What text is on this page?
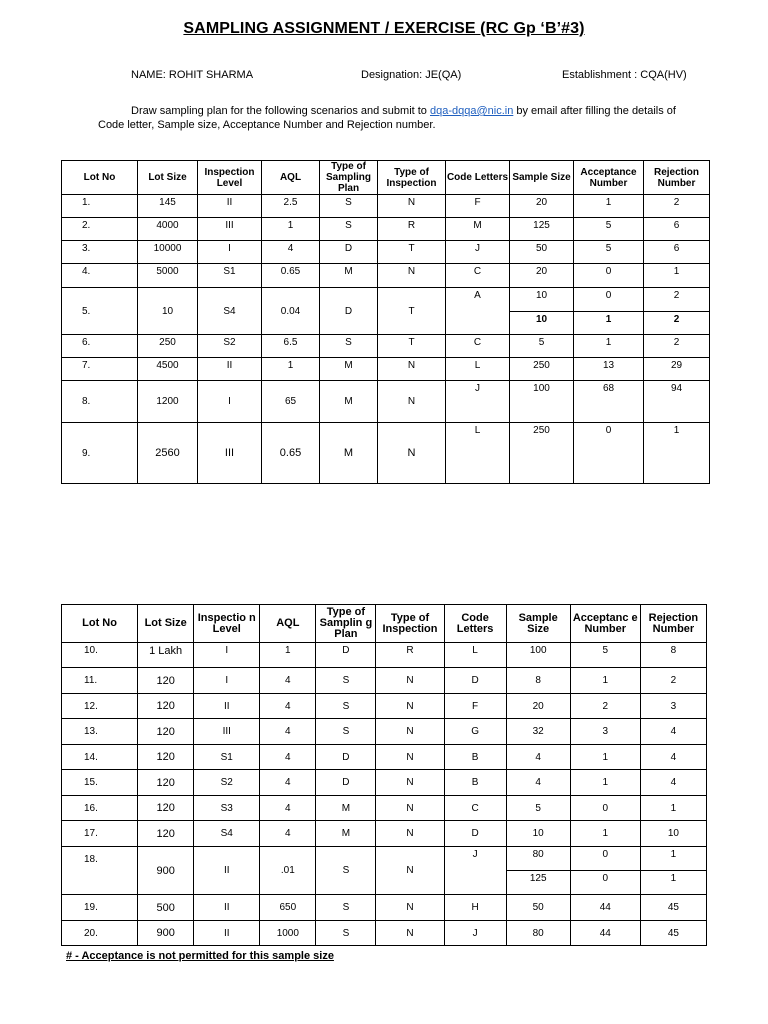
SAMPLING ASSIGNMENT / EXERCISE (RC Gp ‘B’#3)
NAME: ROHIT SHARMA	Designation: JE(QA)	Establishment : CQA(HV)
Draw sampling plan for the following scenarios and submit to dqa-dqqa@nic.in by email after filling the details of
Code letter, Sample size, Acceptance Number and Rejection number.
Lot No	Lot Size	Inspection Level	AQL	Type of Sampling Plan	Type of Inspection	Code Letters	Sample Size	Acceptance Number	Rejection Number
1.	145	II	2.5	S	N	F	20	1	2
2.	4000	III	1	S	R	M	125	5	6
3.	10000	I	4	D	T	J	50	5	6
4.	5000	S1	0.65	M	N	C	20	0	1
5.	10	S4	0.04	D	T	A	10	0	2
							10	1	2
6.	250	S2	6.5	S	T	C	5	1	2
7.	4500	II	1	M	N	L	250	13	29
8.	1200	I	65	M	N	J	100	68	94
9.	2560	III	0.65	M	N	L	250	0	1
Lot No	Lot Size	Inspectio n Level	AQL	Type of Samplin g Plan	Type of Inspection	Code Letters	Sample Size	Acceptanc e Number	Rejection Number
10.	1 Lakh	I	1	D	R	L	100	5	8
11.	120	I	4	S	N	D	8	1	2
12.	120	II	4	S	N	F	20	2	3
13.	120	III	4	S	N	G	32	3	4
14.	120	S1	4	D	N	B	4	1	4
15.	120	S2	4	D	N	B	4	1	4
16.	120	S3	4	M	N	C	5	0	1
17.	120	S4	4	M	N	D	10	1	10
18.	900	II	.01	S	N	J	80	0	1
							125	0	1
19.	500	II	650	S	N	H	50	44	45
20.	900	II	1000	S	N	J	80	44	45
# - Acceptance is not permitted for this sample size
